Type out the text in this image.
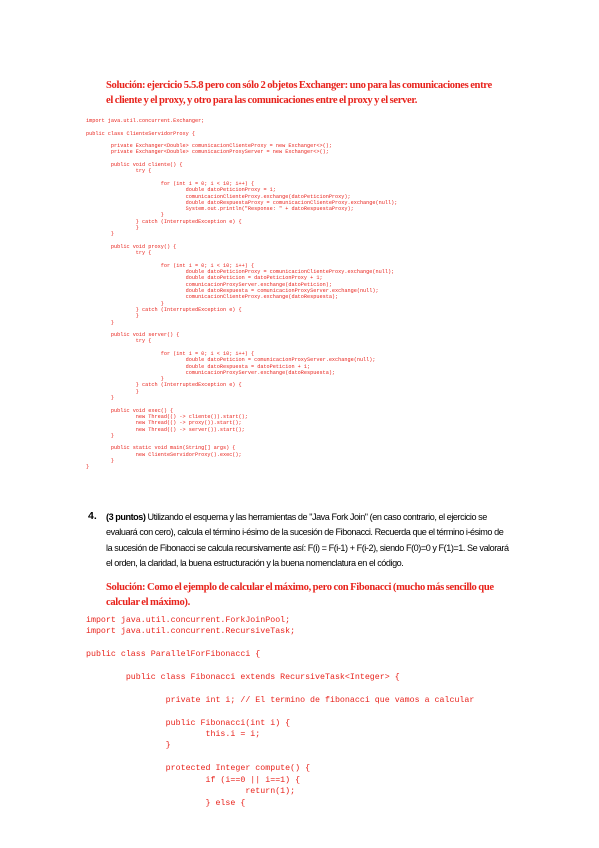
Solución: ejercicio 5.5.8 pero con sólo 2 objetos Exchanger: uno para las comunicaciones entre
el cliente y el proxy, y otro para las comunicaciones entre el proxy y el server.
import java.util.concurrent.Exchanger;

public class ClienteServidorProxy {

private Exchanger<Double> comunicacionClienteProxy = new Exchanger<>();
private Exchanger<Double> comunicacionProxyServer = new Exchanger<>();

public void cliente() {
try {

for (int i = 0; i < 10; i++) {
double datoPeticionProxy = 1;
comunicacionClienteProxy.exchange(datoPeticionProxy);
double datoRespuestaProxy = comunicacionClienteProxy.exchange(null);
System.out.println("Response: " + datoRespuestaProxy);
}
} catch (InterruptedException e) {
}
}

public void proxy() {
try {

for (int i = 0; i < 10; i++) {
double datoPeticionProxy = comunicacionClienteProxy.exchange(null);
double datoPeticion = datoPeticionProxy + 1;
comunicacionProxyServer.exchange(datoPeticion);
double datoRespuesta = comunicacionProxyServer.exchange(null);
comunicacionClienteProxy.exchange(datoRespuesta);
}
} catch (InterruptedException e) {
}
}

public void server() {
try {

for (int i = 0; i < 10; i++) {
double datoPeticion = comunicacionProxyServer.exchange(null);
double datoRespuesta = datoPeticion + 1;
comunicacionProxyServer.exchange(datoRespuesta);
}
} catch (InterruptedException e) {
}
}

public void exec() {
new Thread(() -> cliente()).start();
new Thread(() -> proxy()).start();
new Thread(() -> server()).start();
}

public static void main(String[] args) {
new ClienteServidorProxy().exec();
}
}
4. (3 puntos) Utilizando el esquema y las herramientas de "Java Fork Join" (en caso contrario, el ejercicio se evaluará con cero), calcula el término i-ésimo de la sucesión de Fibonacci. Recuerda que el término i-ésimo de la sucesión de Fibonacci se calcula recursivamente así: F(i) = F(i-1) + F(i-2), siendo F(0)=0 y F(1)=1. Se valorará el orden, la claridad, la buena estructuración y la buena nomenclatura en el código.
Solución: Como el ejemplo de calcular el máximo, pero con Fibonacci (mucho más sencillo que
calcular el máximo).
import java.util.concurrent.ForkJoinPool;
import java.util.concurrent.RecursiveTask;

public class ParallelForFibonacci {

public class Fibonacci extends RecursiveTask<Integer> {

private int i; // El termino de fibonacci que vamos a calcular

public Fibonacci(int i) {
this.i = i;
}

protected Integer compute() {
if (i==0 || i==1) {
return(1);
} else {
